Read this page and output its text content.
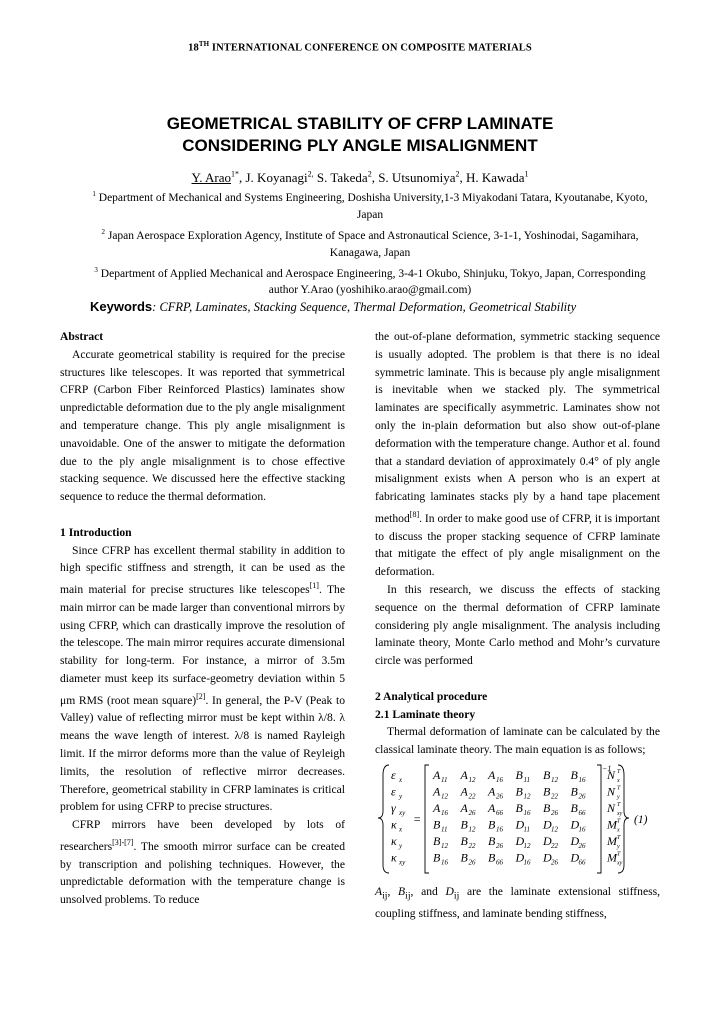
18TH INTERNATIONAL CONFERENCE ON COMPOSITE MATERIALS
GEOMETRICAL STABILITY OF CFRP LAMINATE
CONSIDERING PLY ANGLE MISALIGNMENT
Y. Arao$^{1*}$, J. Koyanagi$^{2,}$ S. Takeda$^2$, S. Utsunomiya$^2$, H. Kawada$^1$
$^1$ Department of Mechanical and Systems Engineering, Doshisha University,1-3 Miyakodani Tatara, Kyoutanabe, Kyoto, Japan
$^2$ Japan Aerospace Exploration Agency, Institute of Space and Astronautical Science, 3-1-1, Yoshinodai, Sagamihara, Kanagawa, Japan
$^3$ Department of Applied Mechanical and Aerospace Engineering, 3-4-1 Okubo, Shinjuku, Tokyo, Japan, Corresponding author Y.Arao (yoshihiko.arao@gmail.com)
Keywords: CFRP, Laminates, Stacking Sequence, Thermal Deformation, Geometrical Stability

Abstract

Accurate geometrical stability is required for the precise structures like telescopes. It was reported that symmetrical CFRP (Carbon Fiber Reinforced Plastics) laminates show unpredictable deformation due to the ply angle misalignment and temperature change. This ply angle misalignment is unavoidable. One of the answer to mitigate the deformation due to the ply angle misalignment is to chose effective stacking sequence. We discussed here the effective stacking sequence to reduce the thermal deformation.

1 Introduction

Since CFRP has excellent thermal stability in addition to high specific stiffness and strength, it can be used as the main material for precise structures like telescopes[1]. The main mirror can be made larger than conventional mirrors by using CFRP, which can drastically improve the resolution of the telescope. The main mirror requires accurate dimensional stability for long-term. For instance, a mirror of 3.5m diameter must keep its surface-geometry deviation within 5 μm RMS (root mean square)[2]. In general, the P-V (Peak to Valley) value of reflecting mirror must be kept within λ/8. λ means the wave length of interest. λ/8 is named Rayleigh limit. If the mirror deforms more than the value of Reyleigh limits, the resolution of reflective mirror decreases. Therefore, geometrical stability in CFRP laminates is critical problem for using CFRP to precise structures.

CFRP mirrors have been developed by lots of researchers[3]-[7]. The smooth mirror surface can be created by transcription and polishing techniques. However, the unpredictable deformation with the temperature change is unsolved problems. To reduce

the out-of-plane deformation, symmetric stacking sequence is usually adopted. The problem is that there is no ideal symmetric laminate. This is because ply angle misalignment is inevitable when we stacked ply. The symmetrical laminates are specifically asymmetric. Laminates show not only the in-plain deformation but also show out-of-plane deformation with the temperature change. Author et al. found that a standard deviation of approximately 0.4° of ply angle misalignment exists when A person who is an expert at fabricating laminates stacks ply by a hand tape placement method[8]. In order to make good use of CFRP, it is important to discuss the proper stacking sequence of CFRP laminate that mitigate the effect of ply angle misalignment on the deformation.

In this research, we discuss the effects of stacking sequence on the thermal deformation of CFRP laminate considering ply angle misalignment. The analysis including laminate theory, Monte Carlo method and Mohr’s curvature circle was performed

2 Analytical procedure

2.1 Laminate theory

Thermal deformation of laminate can be calculated by the classical laminate theory. The main equation is as follows;

ε x
ε y
γ xy
κ x
κ y
κ xy
=
−1
A 11 A 12 A 16 B 11 B 12 B 16
A 12 A 22 A 26 B 12 B 22 B 26
A 16 A 26 A 66 B 16 B 26 B 66
B 11 B 12 B 16 D 11 D 12 D 16
B 12 B 22 B 26 D 12 D 22 D 26
B 16 B 26 B 66 D 16 D 26 D 66
N T
x
N T
y
N T
xy
M T
x
M T
y
M T
xy
(1)

$A_{ij}$, $B_{ij}$, and $D_{ij}$ are the laminate extensional stiffness, coupling stiffness, and laminate bending stiffness,
